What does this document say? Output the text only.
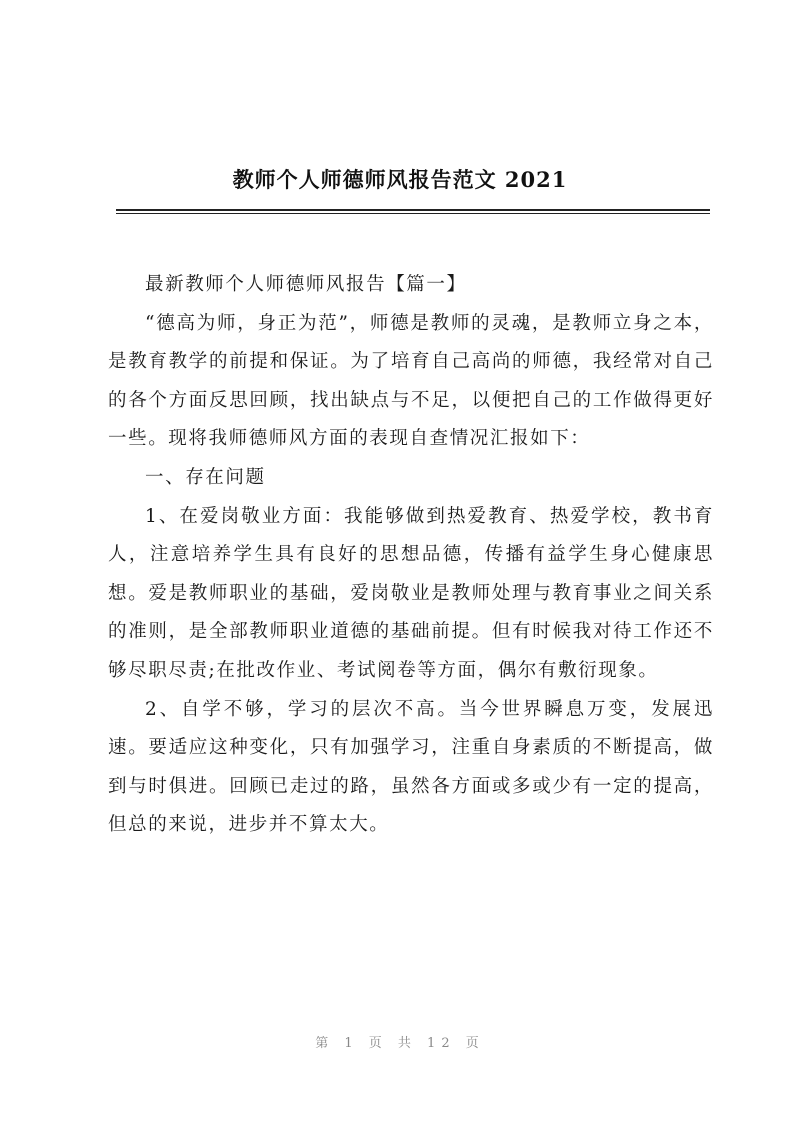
教师个人师德师风报告范文 2021

最新教师个人师德师风报告【篇一】

“德高为师，身正为范”，师德是教师的灵魂，是教师立身之本，是教育教学的前提和保证。为了培育自己高尚的师德，我经常对自己的各个方面反思回顾，找出缺点与不足，以便把自己的工作做得更好一些。现将我师德师风方面的表现自查情况汇报如下：

一、存在问题

1、在爱岗敬业方面：我能够做到热爱教育、热爱学校，教书育人，注意培养学生具有良好的思想品德，传播有益学生身心健康思想。爱是教师职业的基础，爱岗敬业是教师处理与教育事业之间关系的准则，是全部教师职业道德的基础前提。但有时候我对待工作还不够尽职尽责;在批改作业、考试阅卷等方面，偶尔有敷衍现象。

2、自学不够，学习的层次不高。当今世界瞬息万变，发展迅速。要适应这种变化，只有加强学习，注重自身素质的不断提高，做到与时俱进。回顾已走过的路，虽然各方面或多或少有一定的提高，但总的来说，进步并不算太大。

第 1 页 共 12 页
